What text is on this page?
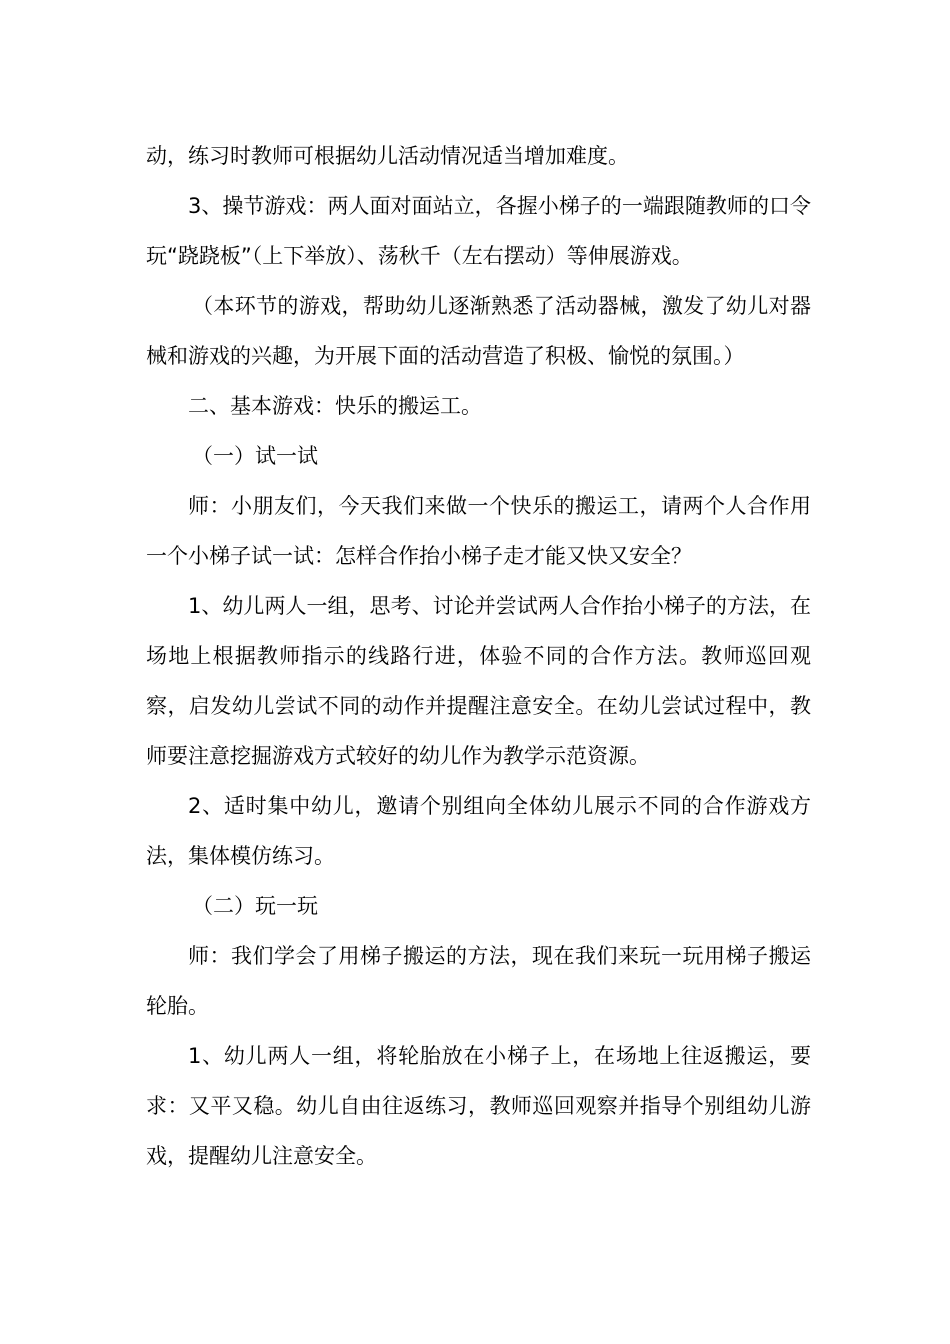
动，练习时教师可根据幼儿活动情况适当增加难度。

3、操节游戏：两人面对面站立，各握小梯子的一端跟随教师的口令玩“跷跷板”（上下举放）、荡秋千（左右摆动）等伸展游戏。

（本环节的游戏，帮助幼儿逐渐熟悉了活动器械，激发了幼儿对器械和游戏的兴趣，为开展下面的活动营造了积极、愉悦的氛围。）

二、基本游戏：快乐的搬运工。

（一）试一试

师：小朋友们，今天我们来做一个快乐的搬运工，请两个人合作用一个小梯子试一试：怎样合作抬小梯子走才能又快又安全？

1、幼儿两人一组，思考、讨论并尝试两人合作抬小梯子的方法，在场地上根据教师指示的线路行进，体验不同的合作方法。教师巡回观察，启发幼儿尝试不同的动作并提醒注意安全。在幼儿尝试过程中，教师要注意挖掘游戏方式较好的幼儿作为教学示范资源。

2、适时集中幼儿，邀请个别组向全体幼儿展示不同的合作游戏方法，集体模仿练习。

（二）玩一玩

师：我们学会了用梯子搬运的方法，现在我们来玩一玩用梯子搬运轮胎。

1、幼儿两人一组，将轮胎放在小梯子上，在场地上往返搬运，要求：又平又稳。幼儿自由往返练习，教师巡回观察并指导个别组幼儿游戏，提醒幼儿注意安全。
